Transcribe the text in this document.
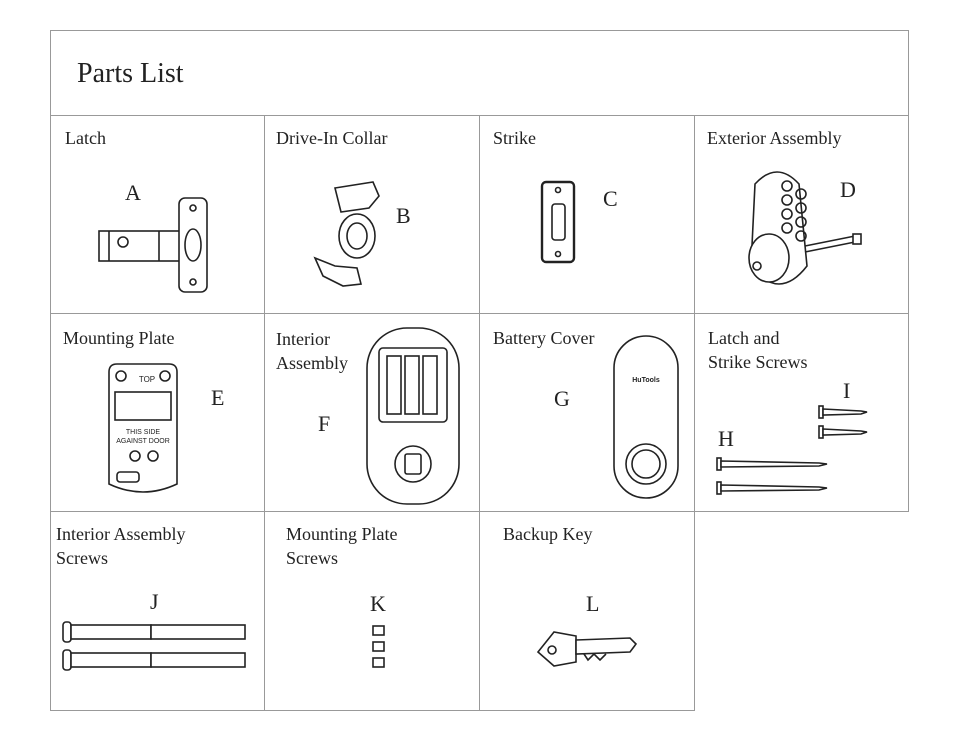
Parts List
Latch
A
Drive-In Collar
B
Strike
C
Exterior Assembly
D
Mounting Plate
E
TOP
THIS SIDE
AGAINST DOOR
Interior
Assembly
F
Battery Cover
G
HuTools
Latch and
Strike Screws
I
H
Interior Assembly
Screws
J
Mounting Plate
Screws
K
Backup Key
L
